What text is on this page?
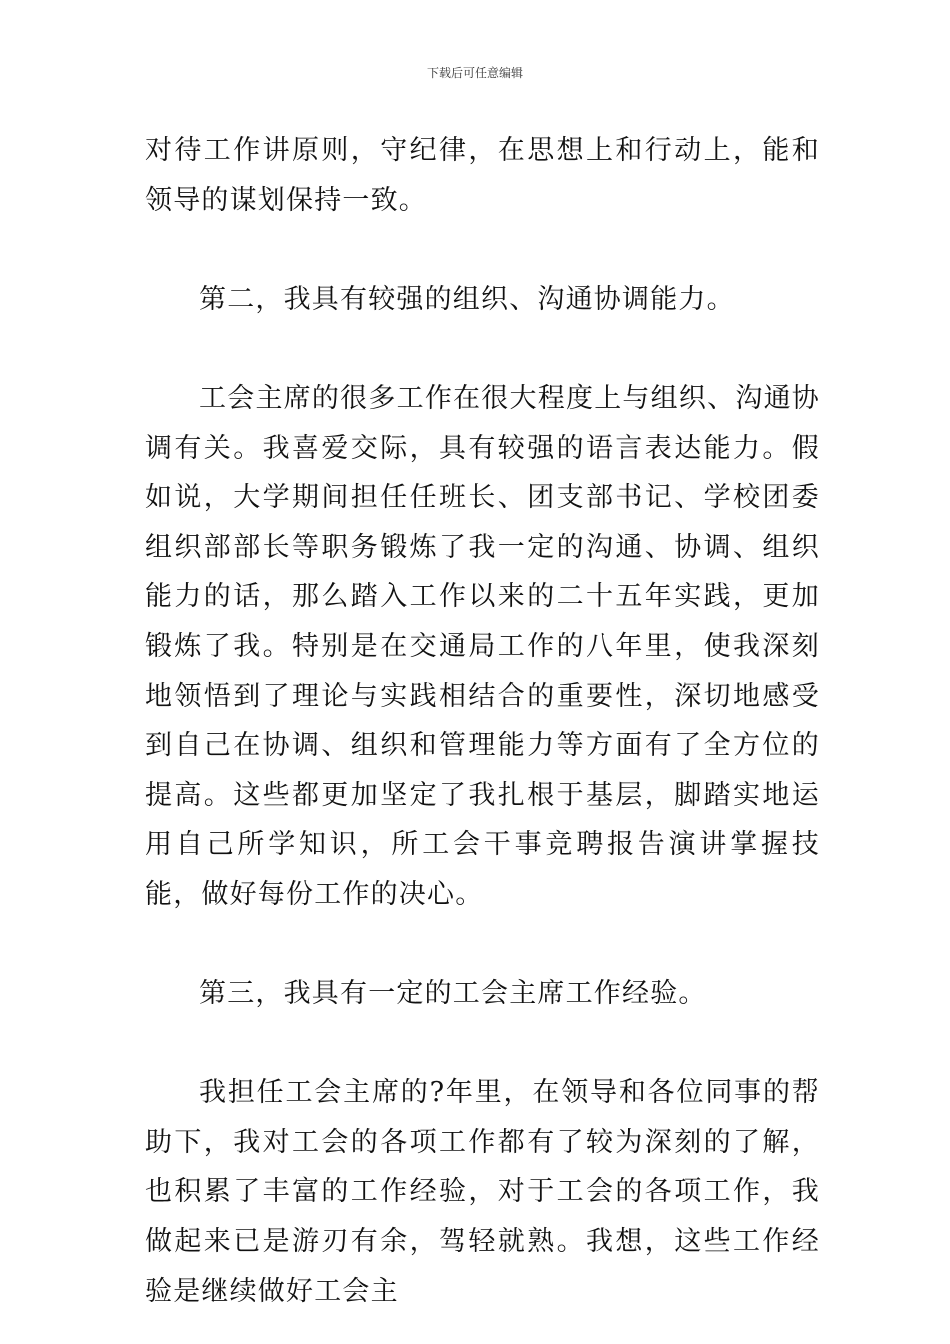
下载后可任意编辑

对待工作讲原则，守纪律，在思想上和行动上，能和领导的谋划保持一致。

第二，我具有较强的组织、沟通协调能力。

工会主席的很多工作在很大程度上与组织、沟通协调有关。我喜爱交际，具有较强的语言表达能力。假如说，大学期间担任任班长、团支部书记、学校团委组织部部长等职务锻炼了我一定的沟通、协调、组织能力的话，那么踏入工作以来的二十五年实践，更加锻炼了我。特别是在交通局工作的八年里，使我深刻地领悟到了理论与实践相结合的重要性，深切地感受到自己在协调、组织和管理能力等方面有了全方位的提高。这些都更加坚定了我扎根于基层，脚踏实地运用自己所学知识，所工会干事竞聘报告演讲掌握技能，做好每份工作的决心。

第三，我具有一定的工会主席工作经验。

我担任工会主席的?年里，在领导和各位同事的帮助下，我对工会的各项工作都有了较为深刻的了解，也积累了丰富的工作经验，对于工会的各项工作，我做起来已是游刃有余，驾轻就熟。我想，这些工作经验是继续做好工会主
